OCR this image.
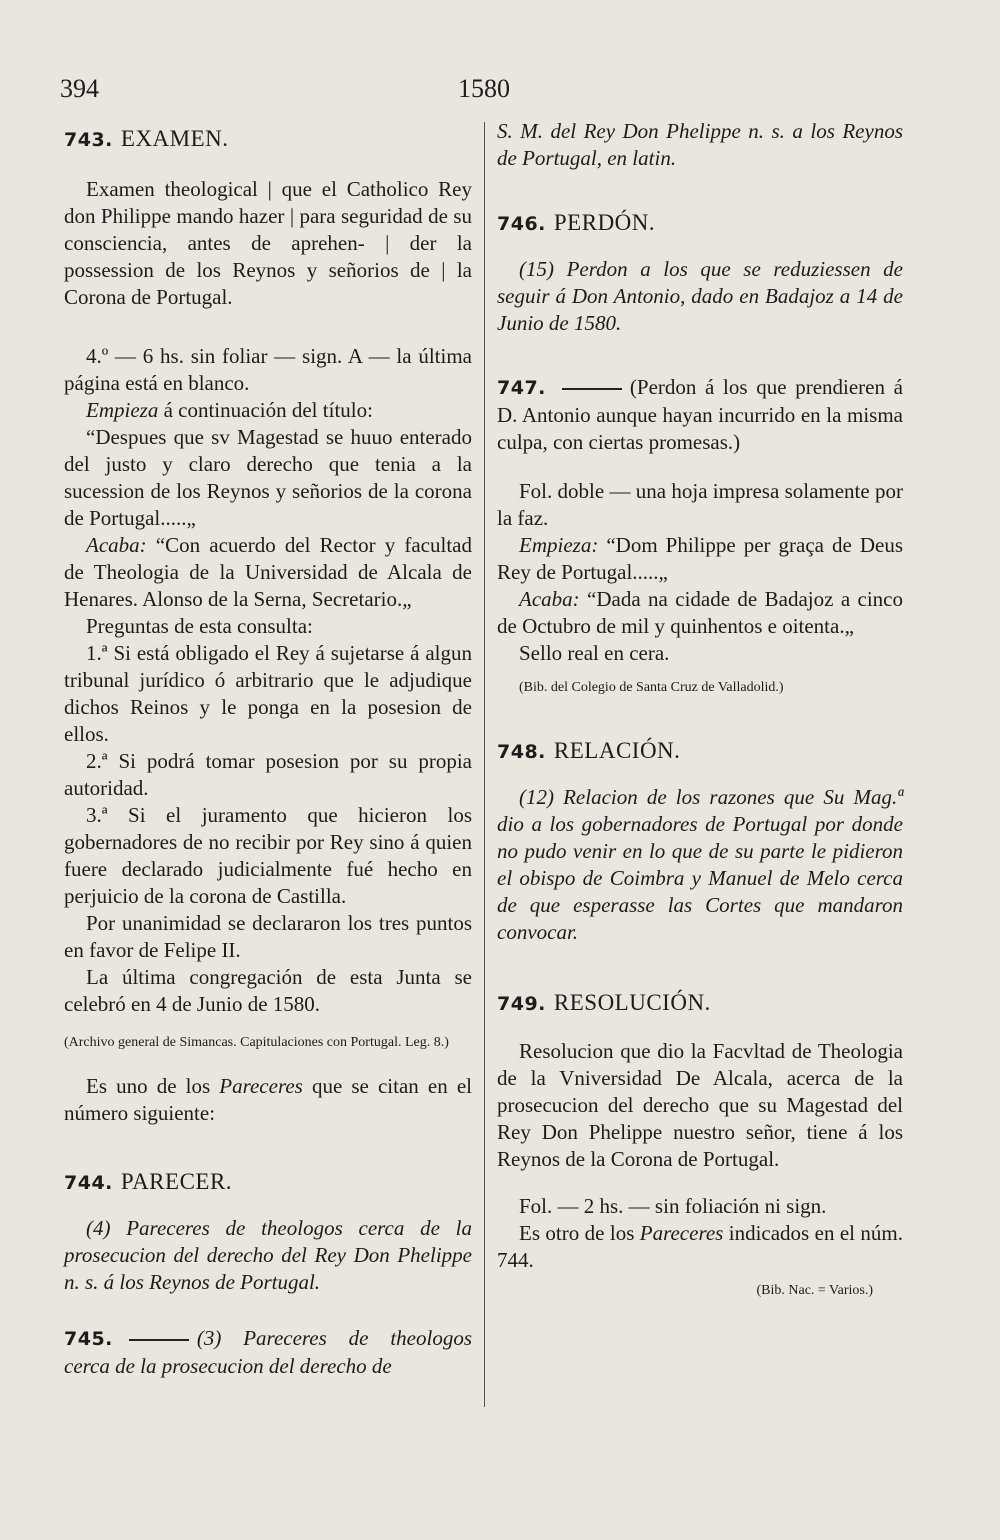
394	1580

743. EXAMEN.

Examen theological | que el Catholico Rey don Philippe mando hazer | para seguridad de su consciencia, antes de aprehen- | der la possession de los Reynos y señorios de | la Corona de Portugal.

4.º — 6 hs. sin foliar — sign. A — la última página está en blanco.

Empieza á continuación del título:

“Despues que sv Magestad se huuo enterado del justo y claro derecho que tenia a la sucession de los Reynos y señorios de la corona de Portugal.....„

Acaba: “Con acuerdo del Rector y facultad de Theologia de la Universidad de Alcala de Henares. Alonso de la Serna, Secretario.„

Preguntas de esta consulta:

1.ª Si está obligado el Rey á sujetarse á algun tribunal jurídico ó arbitrario que le adjudique dichos Reinos y le ponga en la posesion de ellos.

2.ª Si podrá tomar posesion por su propia autoridad.

3.ª Si el juramento que hicieron los gobernadores de no recibir por Rey sino á quien fuere declarado judicialmente fué hecho en perjuicio de la corona de Castilla.

Por unanimidad se declararon los tres puntos en favor de Felipe II.

La última congregación de esta Junta se celebró en 4 de Junio de 1580.

(Archivo general de Simancas. Capitulaciones con Portugal. Leg. 8.)

Es uno de los Pareceres que se citan en el número siguiente:

744. PARECER.

(4) Pareceres de theologos cerca de la prosecucion del derecho del Rey Don Phelippe n. s. á los Reynos de Portugal.

745.	(3) Pareceres de theologos cerca de la prosecucion del derecho de

S. M. del Rey Don Phelippe n. s. a los Reynos de Portugal, en latin.

746. PERDÓN.

(15) Perdon a los que se reduziessen de seguir á Don Antonio, dado en Badajoz a 14 de Junio de 1580.

747.	(Perdon á los que prendieren á D. Antonio aunque hayan incurrido en la misma culpa, con ciertas promesas.)

Fol. doble — una hoja impresa solamente por la faz.

Empieza: “Dom Philippe per graça de Deus Rey de Portugal.....„

Acaba: “Dada na cidade de Badajoz a cinco de Octubro de mil y quinhentos e oitenta.„

Sello real en cera.

(Bib. del Colegio de Santa Cruz de Valladolid.)

748. RELACIÓN.

(12) Relacion de los razones que Su Mag.ª dio a los gobernadores de Portugal por donde no pudo venir en lo que de su parte le pidieron el obispo de Coimbra y Manuel de Melo cerca de que esperasse las Cortes que mandaron convocar.

749. RESOLUCIÓN.

Resolucion que dio la Facvltad de Theologia de la Vniversidad De Alcala, acerca de la prosecucion del derecho que su Magestad del Rey Don Phelippe nuestro señor, tiene á los Reynos de la Corona de Portugal.

Fol. — 2 hs. — sin foliación ni sign.

Es otro de los Pareceres indicados en el núm. 744.

(Bib. Nac. = Varios.)
